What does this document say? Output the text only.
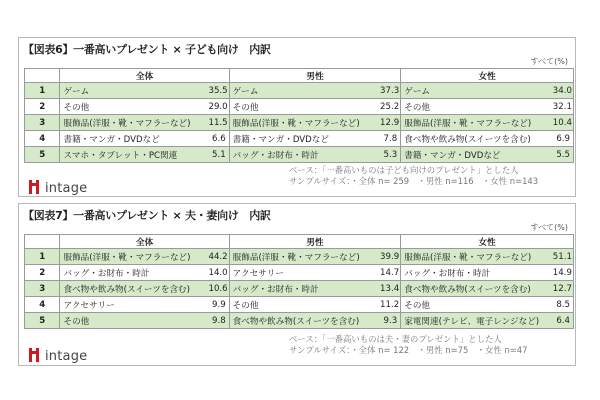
【図表6】一番高いプレゼント × 子ども向け　内訳
すべて(%)
	全体		男性		女性	
1	ゲーム	35.5	ゲーム	37.3	ゲーム	34.0
2	その他	29.0	その他	25.2	その他	32.1
3	服飾品(洋服・靴・マフラーなど)	11.5	服飾品(洋服・靴・マフラーなど)	12.9	服飾品(洋服・靴・マフラーなど)	10.4
4	書籍・マンガ・DVDなど	6.6	書籍・マンガ・DVDなど	7.8	食べ物や飲み物(スイーツを含む)	6.9
5	スマホ・タブレット・PC関連	5.1	バッグ・お財布・時計	5.3	書籍・マンガ・DVDなど	5.5
intage
ベース：「一番高いものは子ども向けのプレゼント」とした人
サンプルサイズ：・全体 n= 259　・男性 n=116　・女性 n=143
【図表7】一番高いプレゼント × 夫・妻向け　内訳
すべて(%)
	全体		男性		女性	
1	服飾品(洋服・靴・マフラーなど)	44.2	服飾品(洋服・靴・マフラーなど)	39.9	服飾品(洋服・靴・マフラーなど)	51.1
2	バッグ・お財布・時計	14.0	アクセサリー	14.7	バッグ・お財布・時計	14.9
3	食べ物や飲み物(スイーツを含む)	10.6	バッグ・お財布・時計	13.4	食べ物や飲み物(スイーツを含む)	12.7
4	アクセサリー	9.9	その他	11.2	その他	8.5
5	その他	9.8	食べ物や飲み物(スイーツを含む)	9.3	家電関連(テレビ、電子レンジなど)	6.4
intage
ベース：「一番高いものは夫・妻のプレゼント」とした人
サンプルサイズ：・全体 n= 122　・男性 n=75　・女性 n=47
